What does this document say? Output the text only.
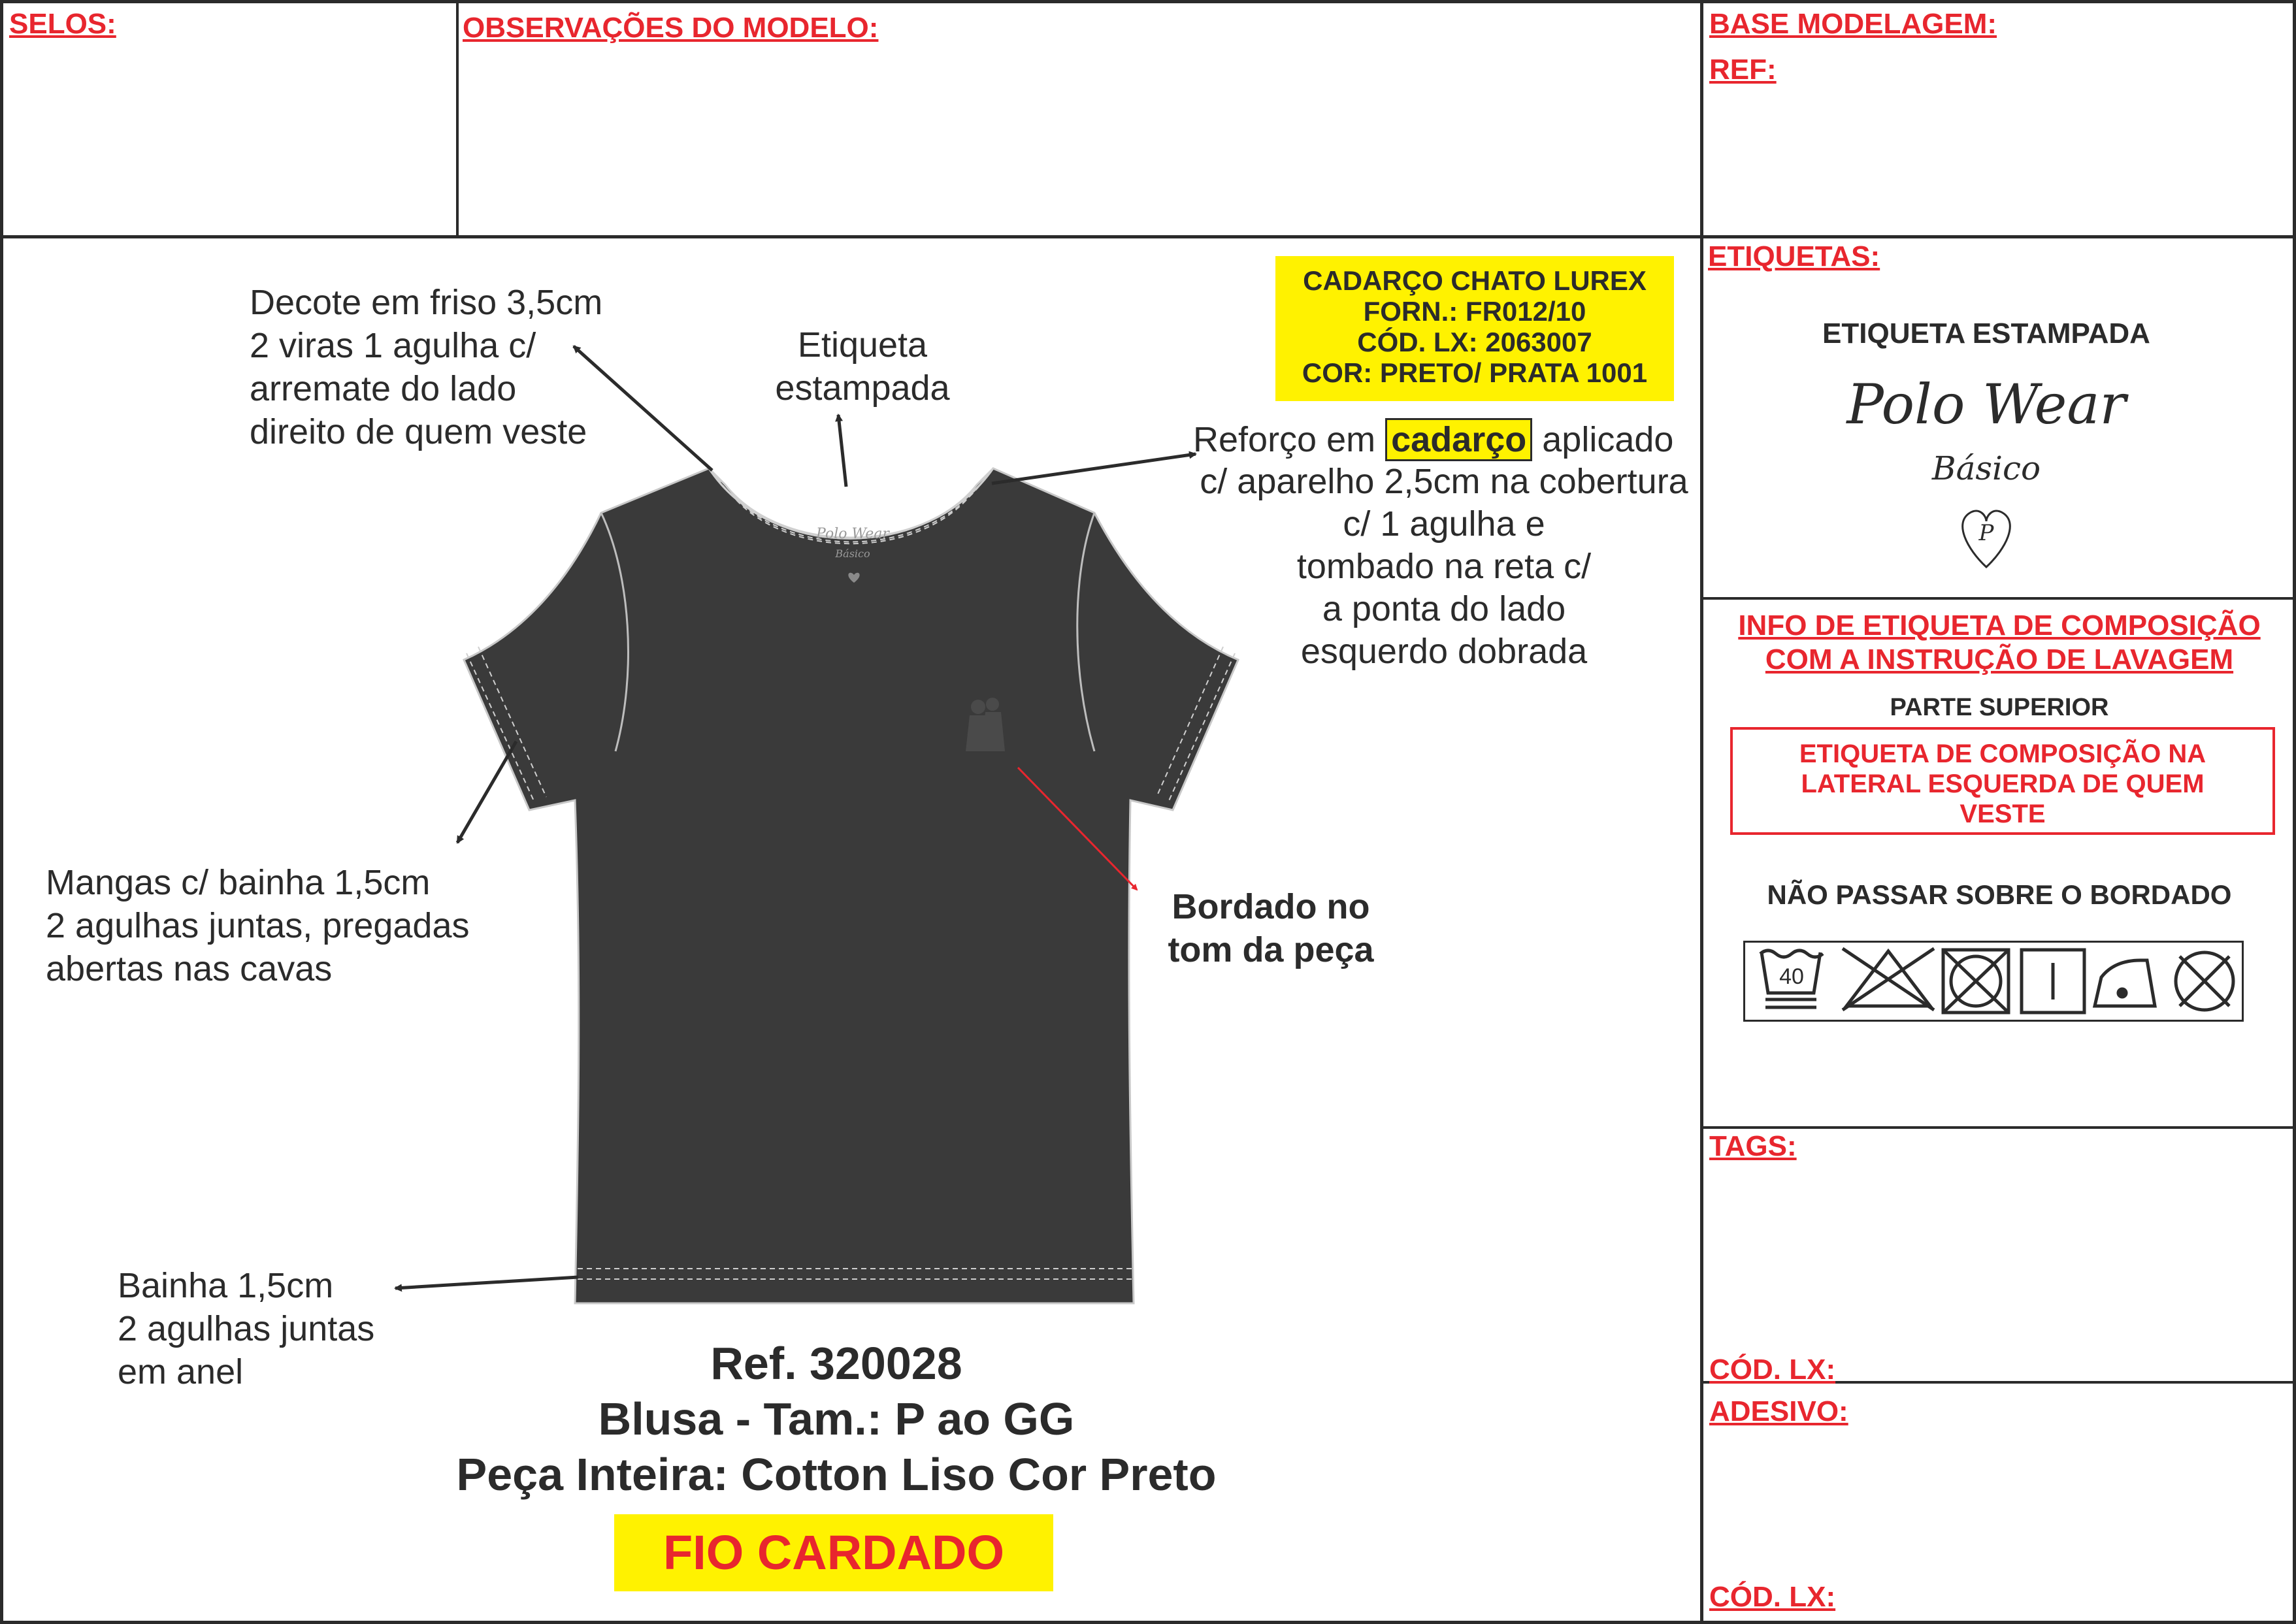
SELOS:	OBSERVAÇÕES DO MODELO:	BASE MODELAGEM:
REF:
Polo Wear
Básico
Decote em friso 3,5cm
2 viras 1 agulha c/
arremate do lado
direito de quem veste
Etiqueta
estampada
CADARÇO CHATO LUREX
FORN.: FR012/10
CÓD. LX: 2063007
COR: PRETO/ PRATA 1001
Reforço em cadarço aplicado
c/ aparelho 2,5cm na cobertura
c/ 1 agulha e
tombado na reta c/
a ponta do lado
esquerdo dobrada
Mangas c/ bainha 1,5cm
2 agulhas juntas, pregadas
abertas nas cavas
Bordado no
tom da peça
Bainha 1,5cm
2 agulhas juntas
em anel	Ref. 320028
Blusa - Tam.: P ao GG
Peça Inteira: Cotton Liso Cor Preto
FIO CARDADO
ETIQUETAS:
ETIQUETA ESTAMPADA
Polo Wear
Básico
P
INFO DE ETIQUETA DE COMPOSIÇÃO
COM A INSTRUÇÃO DE LAVAGEM
PARTE SUPERIOR
ETIQUETA DE COMPOSIÇÃO NA
LATERAL ESQUERDA DE QUEM
VESTE
NÃO PASSAR SOBRE O BORDADO
40
TAGS:
CÓD. LX:
ADESIVO:
CÓD. LX:
